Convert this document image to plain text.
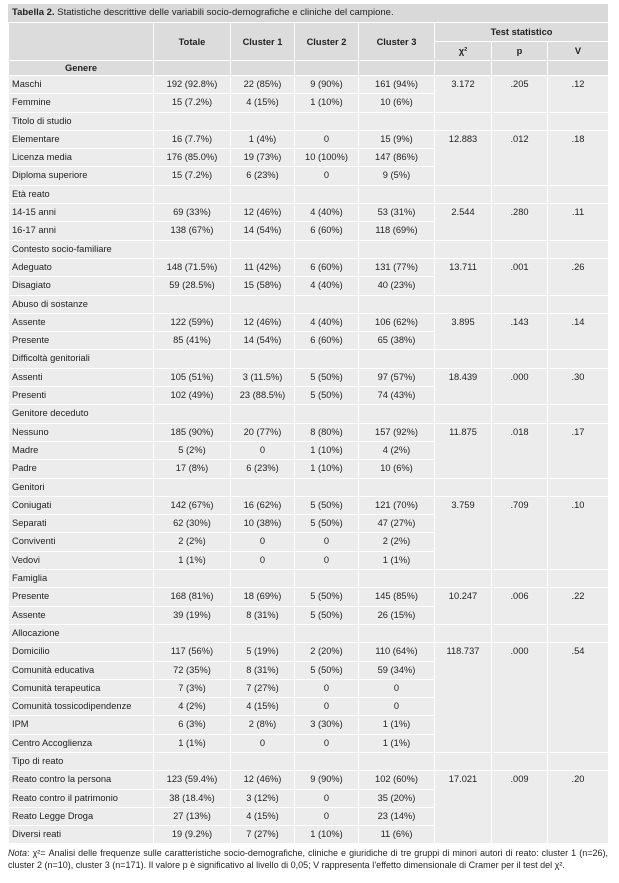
Tabella 2. Statistiche descrittive delle variabili socio-demografiche e cliniche del campione.
	Totale	Cluster 1	Cluster 2	Cluster 3	Test statistico		
					χ²	p	V
Genere							
Maschi	192 (92.8%)	22 (85%)	9 (90%)	161 (94%)	3.172	.205	.12
Femmine	15 (7.2%)	4 (15%)	1 (10%)	10 (6%)			
Titolo di studio							
Elementare	16 (7.7%)	1 (4%)	0	15 (9%)	12.883	.012	.18
Licenza media	176 (85.0%)	19 (73%)	10 (100%)	147 (86%)			
Diploma superiore	15 (7.2%)	6 (23%)	0	9 (5%)			
Età reato							
14-15 anni	69 (33%)	12 (46%)	4 (40%)	53 (31%)	2.544	.280	.11
16-17 anni	138 (67%)	14 (54%)	6 (60%)	118 (69%)			
Contesto socio-familiare							
Adeguato	148 (71.5%)	11 (42%)	6 (60%)	131 (77%)	13.711	.001	.26
Disagiato	59 (28.5%)	15 (58%)	4 (40%)	40 (23%)			
Abuso di sostanze							
Assente	122 (59%)	12 (46%)	4 (40%)	106 (62%)	3.895	.143	.14
Presente	85 (41%)	14 (54%)	6 (60%)	65 (38%)			
Difficoltà genitoriali							
Assenti	105 (51%)	3 (11.5%)	5 (50%)	97 (57%)	18.439	.000	.30
Presenti	102 (49%)	23 (88.5%)	5 (50%)	74 (43%)			
Genitore deceduto							
Nessuno	185 (90%)	20 (77%)	8 (80%)	157 (92%)	11.875	.018	.17
Madre	5 (2%)	0	1 (10%)	4 (2%)			
Padre	17 (8%)	6 (23%)	1 (10%)	10 (6%)			
Genitori							
Coniugati	142 (67%)	16 (62%)	5 (50%)	121 (70%)	3.759	.709	.10
Separati	62 (30%)	10 (38%)	5 (50%)	47 (27%)			
Conviventi	2 (2%)	0	0	2 (2%)			
Vedovi	1 (1%)	0	0	1 (1%)			
Famiglia							
Presente	168 (81%)	18 (69%)	5 (50%)	145 (85%)	10.247	.006	.22
Assente	39 (19%)	8 (31%)	5 (50%)	26 (15%)			
Allocazione							
Domicilio	117 (56%)	5 (19%)	2 (20%)	110 (64%)	118.737	.000	.54
Comunità educativa	72 (35%)	8 (31%)	5 (50%)	59 (34%)			
Comunità terapeutica	7 (3%)	7 (27%)	0	0			
Comunità tossicodipendenze	4 (2%)	4 (15%)	0	0			
IPM	6 (3%)	2 (8%)	3 (30%)	1 (1%)			
Centro Accoglienza	1 (1%)	0	0	1 (1%)			
Tipo di reato							
Reato contro la persona	123 (59.4%)	12 (46%)	9 (90%)	102 (60%)	17.021	.009	.20
Reato contro il patrimonio	38 (18.4%)	3 (12%)	0	35 (20%)			
Reato Legge Droga	27 (13%)	4 (15%)	0	23 (14%)			
Diversi reati	19 (9.2%)	7 (27%)	1 (10%)	11 (6%)			
Nota: χ²= Analisi delle frequenze sulle caratteristiche socio-demografiche, cliniche e giuridiche di tre gruppi di minori autori di reato: cluster 1 (n=26), cluster 2 (n=10), cluster 3 (n=171). Il valore p è significativo al livello di 0,05; V rappresenta l’effetto dimensionale di Cramer per il test del χ².
